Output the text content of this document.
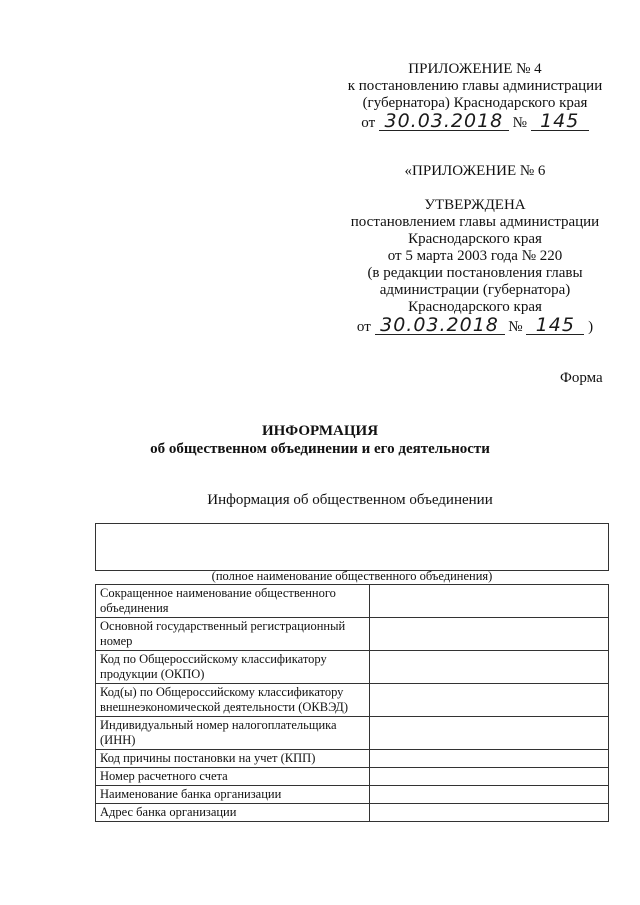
ПРИЛОЖЕНИЕ № 4
к постановлению главы администрации
(губернатора) Краснодарского края
от 30.03.2018 № 145
«ПРИЛОЖЕНИЕ № 6
УТВЕРЖДЕНА
постановлением главы администрации
Краснодарского края
от 5 марта 2003 года № 220
(в редакции постановления главы
администрации (губернатора)
Краснодарского края
от 30.03.2018 № 145 )
Форма
ИНФОРМАЦИЯ
об общественном объединении и его деятельности
Информация об общественном объединении
(полное наименование общественного объединения)
Сокращенное наименование общественного объединения	
Основной государственный регистрационный номер	
Код по Общероссийскому классификатору продукции (ОКПО)	
Код(ы) по Общероссийскому классификатору внешнеэкономической деятельности (ОКВЭД)	
Индивидуальный номер налогоплательщика (ИНН)	
Код причины постановки на учет (КПП)	
Номер расчетного счета	
Наименование банка организации	
Адрес банка организации	
